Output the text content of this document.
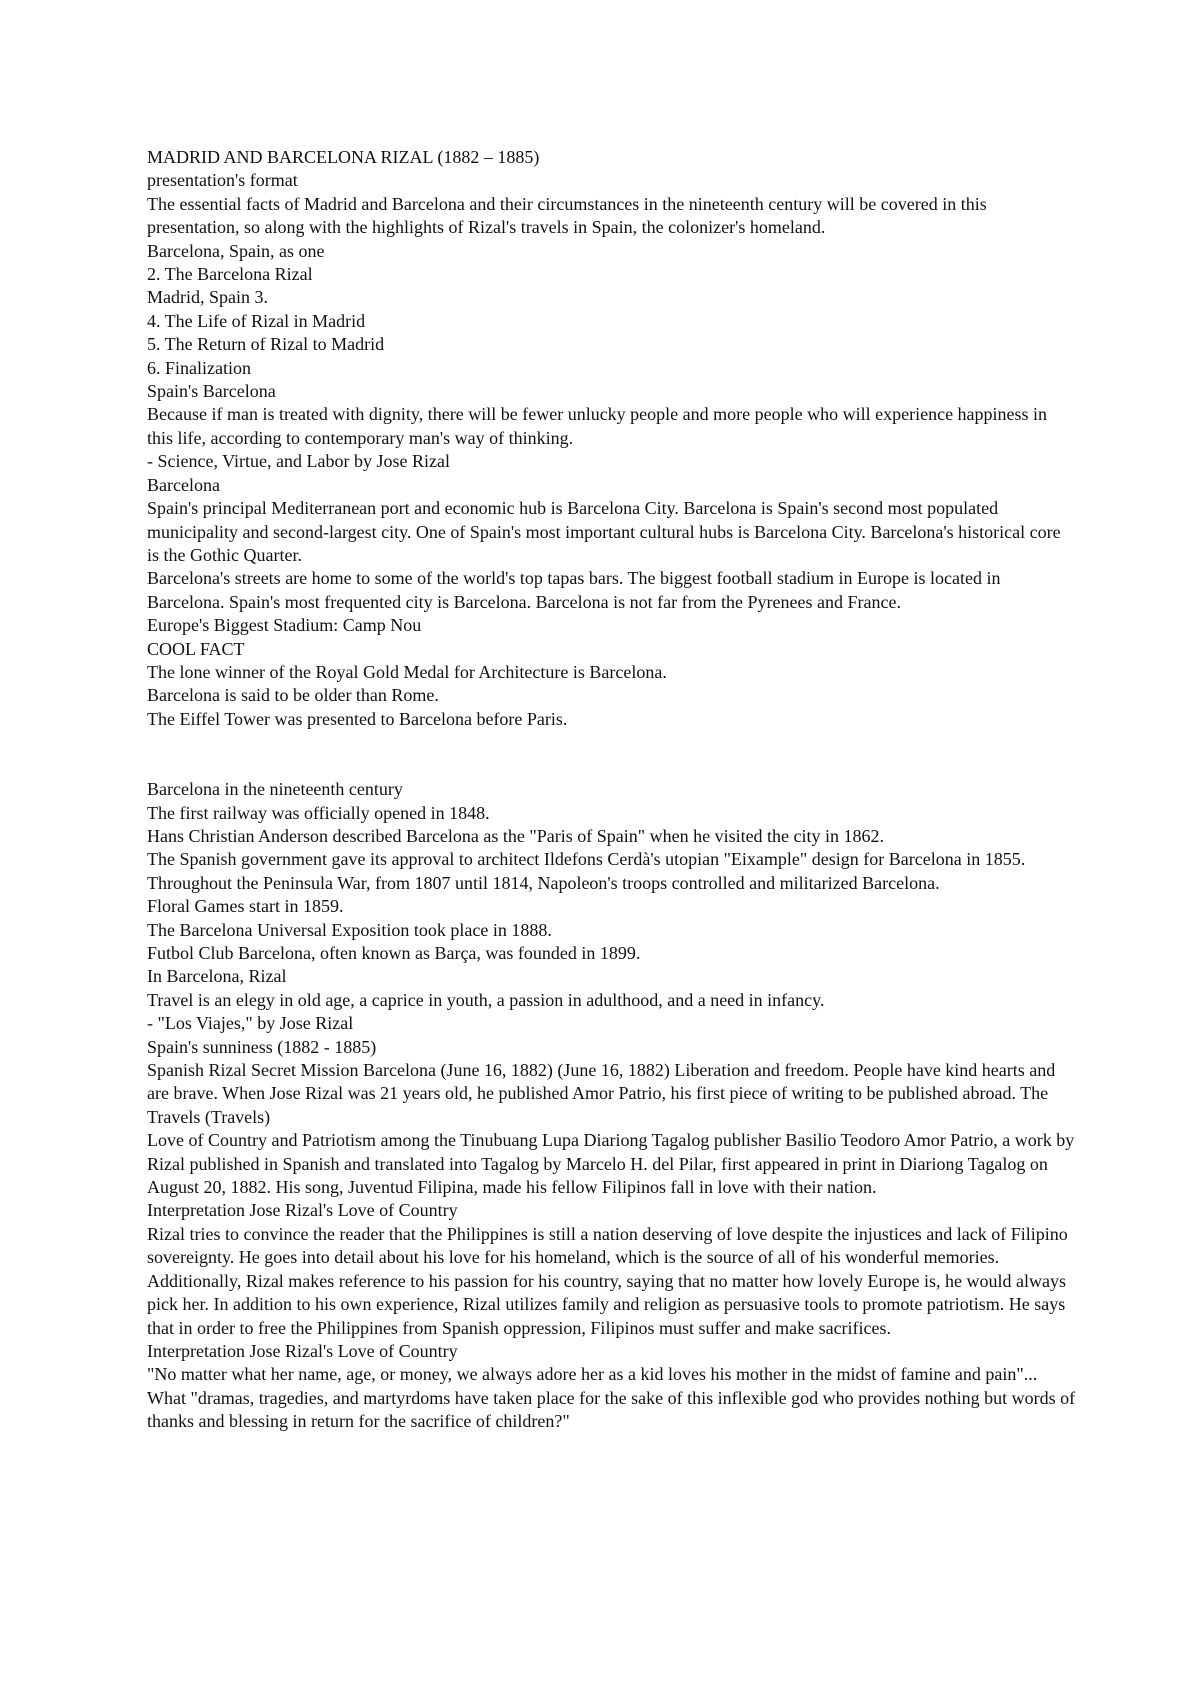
MADRID AND BARCELONA RIZAL (1882 – 1885)

presentation's format

The essential facts of Madrid and Barcelona and their circumstances in the nineteenth century will be covered in this presentation, so along with the highlights of Rizal's travels in Spain, the colonizer's homeland.

Barcelona, Spain, as one

2. The Barcelona Rizal

Madrid, Spain 3.

4. The Life of Rizal in Madrid

5. The Return of Rizal to Madrid

6. Finalization

Spain's Barcelona

Because if man is treated with dignity, there will be fewer unlucky people and more people who will experience happiness in this life, according to contemporary man's way of thinking.

- Science, Virtue, and Labor by Jose Rizal

Barcelona

Spain's principal Mediterranean port and economic hub is Barcelona City. Barcelona is Spain's second most populated municipality and second-largest city. One of Spain's most important cultural hubs is Barcelona City. Barcelona's historical core is the Gothic Quarter.

Barcelona's streets are home to some of the world's top tapas bars. The biggest football stadium in Europe is located in Barcelona. Spain's most frequented city is Barcelona. Barcelona is not far from the Pyrenees and France.

Europe's Biggest Stadium: Camp Nou

COOL FACT

The lone winner of the Royal Gold Medal for Architecture is Barcelona.

Barcelona is said to be older than Rome.

The Eiffel Tower was presented to Barcelona before Paris.

Barcelona in the nineteenth century

The first railway was officially opened in 1848.

Hans Christian Anderson described Barcelona as the "Paris of Spain" when he visited the city in 1862.

The Spanish government gave its approval to architect Ildefons Cerdà's utopian "Eixample" design for Barcelona in 1855. Throughout the Peninsula War, from 1807 until 1814, Napoleon's troops controlled and militarized Barcelona.

Floral Games start in 1859.

The Barcelona Universal Exposition took place in 1888.

Futbol Club Barcelona, often known as Barça, was founded in 1899.

In Barcelona, Rizal

Travel is an elegy in old age, a caprice in youth, a passion in adulthood, and a need in infancy.

- "Los Viajes," by Jose Rizal

Spain's sunniness (1882 - 1885)

Spanish Rizal Secret Mission Barcelona (June 16, 1882) (June 16, 1882) Liberation and freedom. People have kind hearts and are brave. When Jose Rizal was 21 years old, he published Amor Patrio, his first piece of writing to be published abroad. The Travels (Travels)

Love of Country and Patriotism among the Tinubuang Lupa Diariong Tagalog publisher Basilio Teodoro Amor Patrio, a work by Rizal published in Spanish and translated into Tagalog by Marcelo H. del Pilar, first appeared in print in Diariong Tagalog on August 20, 1882. His song, Juventud Filipina, made his fellow Filipinos fall in love with their nation.

Interpretation Jose Rizal's Love of Country

Rizal tries to convince the reader that the Philippines is still a nation deserving of love despite the injustices and lack of Filipino sovereignty. He goes into detail about his love for his homeland, which is the source of all of his wonderful memories. Additionally, Rizal makes reference to his passion for his country, saying that no matter how lovely Europe is, he would always pick her. In addition to his own experience, Rizal utilizes family and religion as persuasive tools to promote patriotism. He says that in order to free the Philippines from Spanish oppression, Filipinos must suffer and make sacrifices.

Interpretation Jose Rizal's Love of Country

"No matter what her name, age, or money, we always adore her as a kid loves his mother in the midst of famine and pain"...

What "dramas, tragedies, and martyrdoms have taken place for the sake of this inflexible god who provides nothing but words of thanks and blessing in return for the sacrifice of children?"
